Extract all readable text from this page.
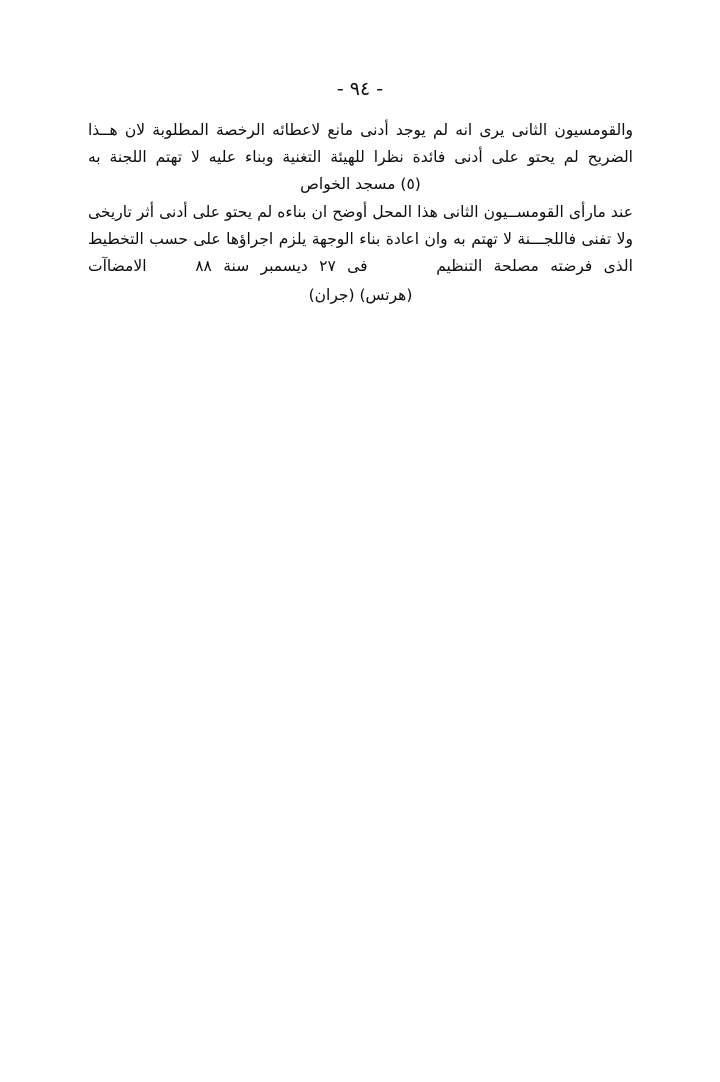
- ٩٤ -

والقومسيون الثانى يرى انه لم يوجد أدنى مانع لاعطائه الرخصة المطلوبة لان هــذا

الضريح لم يحتو على أدنى فائدة نظرا للهيئة التغنية وبناء عليه لا تهتم اللجنة به

(٥) مسجد الخواص

عند مارأى القومســيون الثانى هذا المحل أوضح ان بناءه لم يحتو على أدنى أثر تاريخى

ولا تفنى فاللجـــنة لا تهتم به وان اعادة بناء الوجهة يلزم اجراؤها على حسب التخطيط

الذى فرضته مصلحة التنظيم  فى ٢٧ ديسمبر سنة ٨٨  الامضاآت

(هرتس) (جران)
